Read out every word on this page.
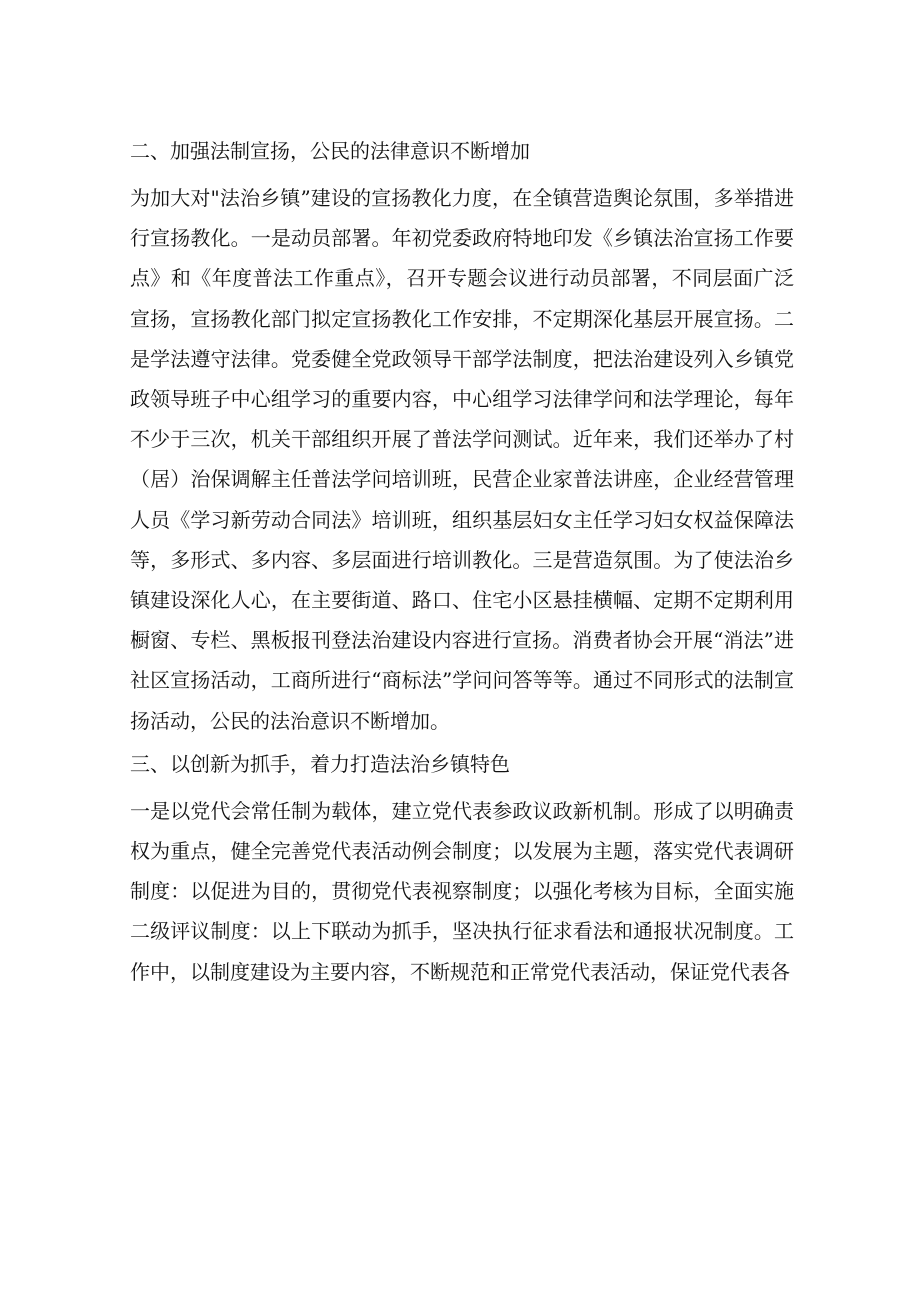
二、加强法制宣扬，公民的法律意识不断增加
为加大对"法治乡镇”建设的宣扬教化力度，在全镇营造舆论氛围，多举措进行宣扬教化。一是动员部署。年初党委政府特地印发《乡镇法治宣扬工作要点》和《年度普法工作重点》，召开专题会议进行动员部署，不同层面广泛宣扬，宣扬教化部门拟定宣扬教化工作安排，不定期深化基层开展宣扬。二是学法遵守法律。党委健全党政领导干部学法制度，把法治建设列入乡镇党政领导班子中心组学习的重要内容，中心组学习法律学问和法学理论，每年不少于三次，机关干部组织开展了普法学问测试。近年来，我们还举办了村（居）治保调解主任普法学问培训班，民营企业家普法讲座，企业经营管理人员《学习新劳动合同法》培训班，组织基层妇女主任学习妇女权益保障法等，多形式、多内容、多层面进行培训教化。三是营造氛围。为了使法治乡镇建设深化人心，在主要街道、路口、住宅小区悬挂横幅、定期不定期利用橱窗、专栏、黑板报刊登法治建设内容进行宣扬。消费者协会开展“消法”进社区宣扬活动，工商所进行“商标法”学问问答等等。通过不同形式的法制宣扬活动，公民的法治意识不断增加。
三、以创新为抓手，着力打造法治乡镇特色
一是以党代会常任制为载体，建立党代表参政议政新机制。形成了以明确责权为重点，健全完善党代表活动例会制度；以发展为主题，落实党代表调研制度：以促进为目的，贯彻党代表视察制度；以强化考核为目标，全面实施二级评议制度：以上下联动为抓手，坚决执行征求看法和通报状况制度。工作中，以制度建设为主要内容，不断规范和正常党代表活动，保证党代表各
